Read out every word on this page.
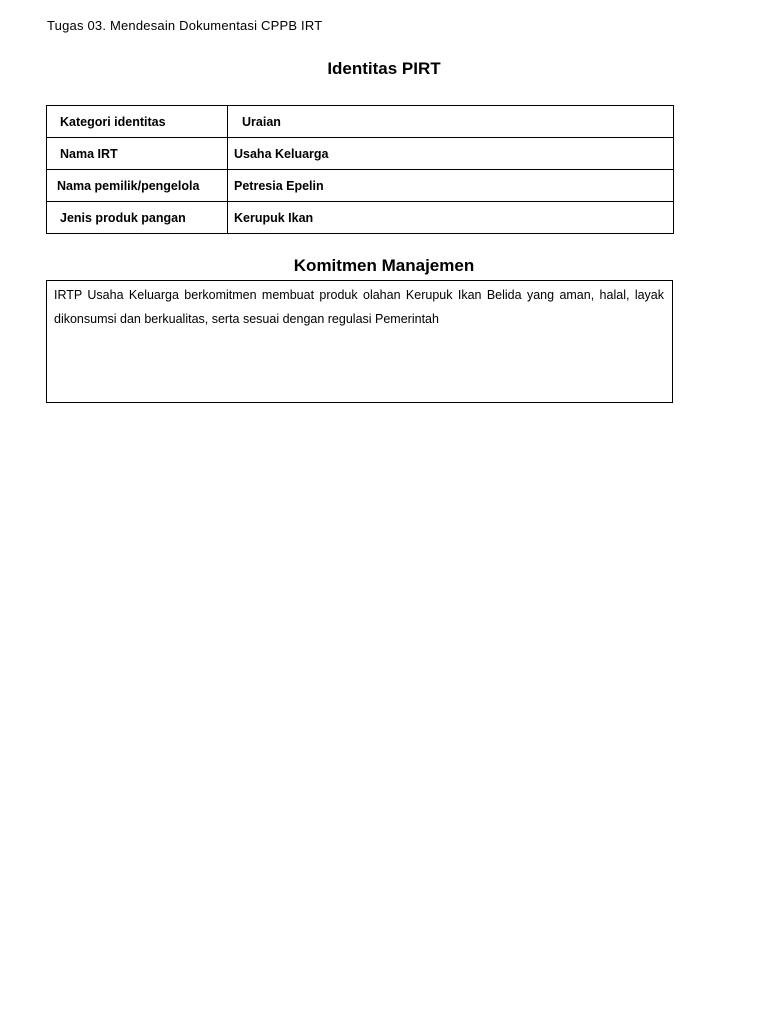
Tugas 03. Mendesain Dokumentasi CPPB IRT
Identitas PIRT
Kategori identitas	Uraian
Nama IRT	Usaha Keluarga
Nama pemilik/pengelola	Petresia Epelin
Jenis produk pangan	Kerupuk Ikan
Komitmen Manajemen
IRTP Usaha Keluarga berkomitmen membuat produk olahan Kerupuk Ikan Belida yang aman, halal, layak dikonsumsi dan berkualitas, serta sesuai dengan regulasi Pemerintah
